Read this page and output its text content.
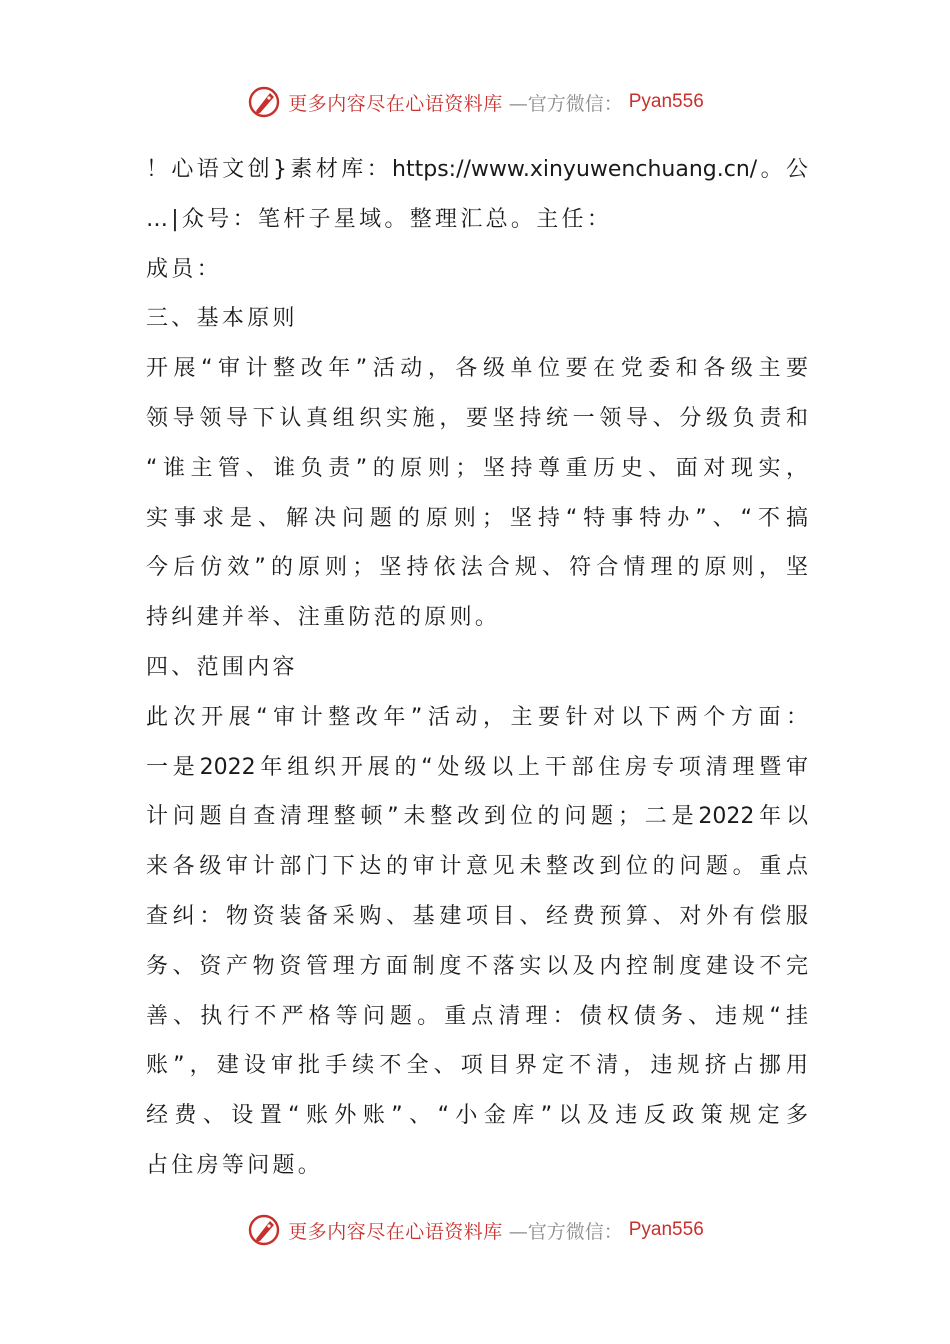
更多内容尽在心语资料库 —官方微信： Pyan556
！心语文创}素材库：https://www.xinyuwenchuang.cn/。公
…|众号：笔杆子星域。整理汇总。主任：
成员：
三、基本原则
开展“审计整改年”活动，各级单位要在党委和各级主要
领导领导下认真组织实施，要坚持统一领导、分级负责和
“谁主管、谁负责”的原则；坚持尊重历史、面对现实，
实事求是、解决问题的原则；坚持“特事特办”、“不搞
今后仿效”的原则；坚持依法合规、符合情理的原则，坚
持纠建并举、注重防范的原则。
四、范围内容
此次开展“审计整改年”活动，主要针对以下两个方面：
一是2022年组织开展的“处级以上干部住房专项清理暨审
计问题自查清理整顿”未整改到位的问题；二是2022年以
来各级审计部门下达的审计意见未整改到位的问题。重点
查纠：物资装备采购、基建项目、经费预算、对外有偿服
务、资产物资管理方面制度不落实以及内控制度建设不完
善、执行不严格等问题。重点清理：债权债务、违规“挂
账”，建设审批手续不全、项目界定不清，违规挤占挪用
经费、设置“账外账”、“小金库”以及违反政策规定多
占住房等问题。
更多内容尽在心语资料库 —官方微信： Pyan556
